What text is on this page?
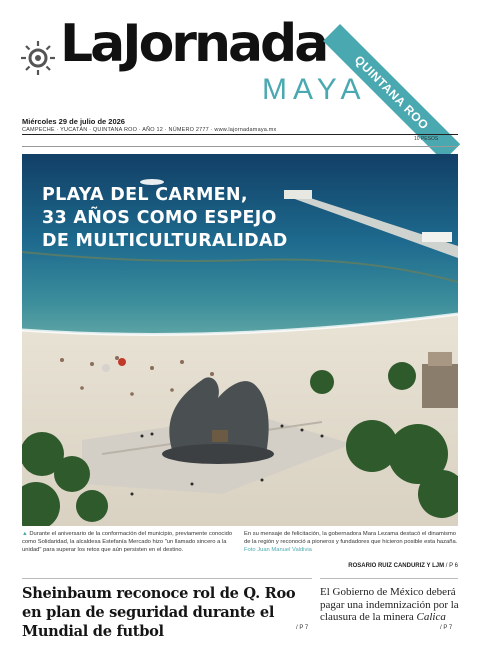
LaJornada
MAYA
QUINTANA ROO
Miércoles 29 de julio de 2026
CAMPECHE · YUCATÁN · QUINTANA ROO · AÑO 12 · NÚMERO 2777 · www.lajornadamaya.mx
10 PESOS
PLAYA DEL CARMEN,
33 AÑOS COMO ESPEJO
DE MULTICULTURALIDAD
▲ Durante el aniversario de la conformación del municipio, previamente conocido como Solidaridad, la alcaldesa Estefanía Mercado hizo "un llamado sincero a la unidad" para superar los retos que aún persisten en el destino.
En su mensaje de felicitación, la gobernadora Mara Lezama destacó el dinamismo de la región y reconoció a pioneros y fundadores que hicieron posible esta hazaña. Foto Juan Manuel Valdivia
ROSARIO RUIZ CANDURIZ Y LJM / P 6
Sheinbaum reconoce rol de Q. Roo en plan de seguridad durante el Mundial de futbol	/ P 7

El Gobierno de México deberá pagar una indemnización por la clausura de la minera Calica

/ P 7
